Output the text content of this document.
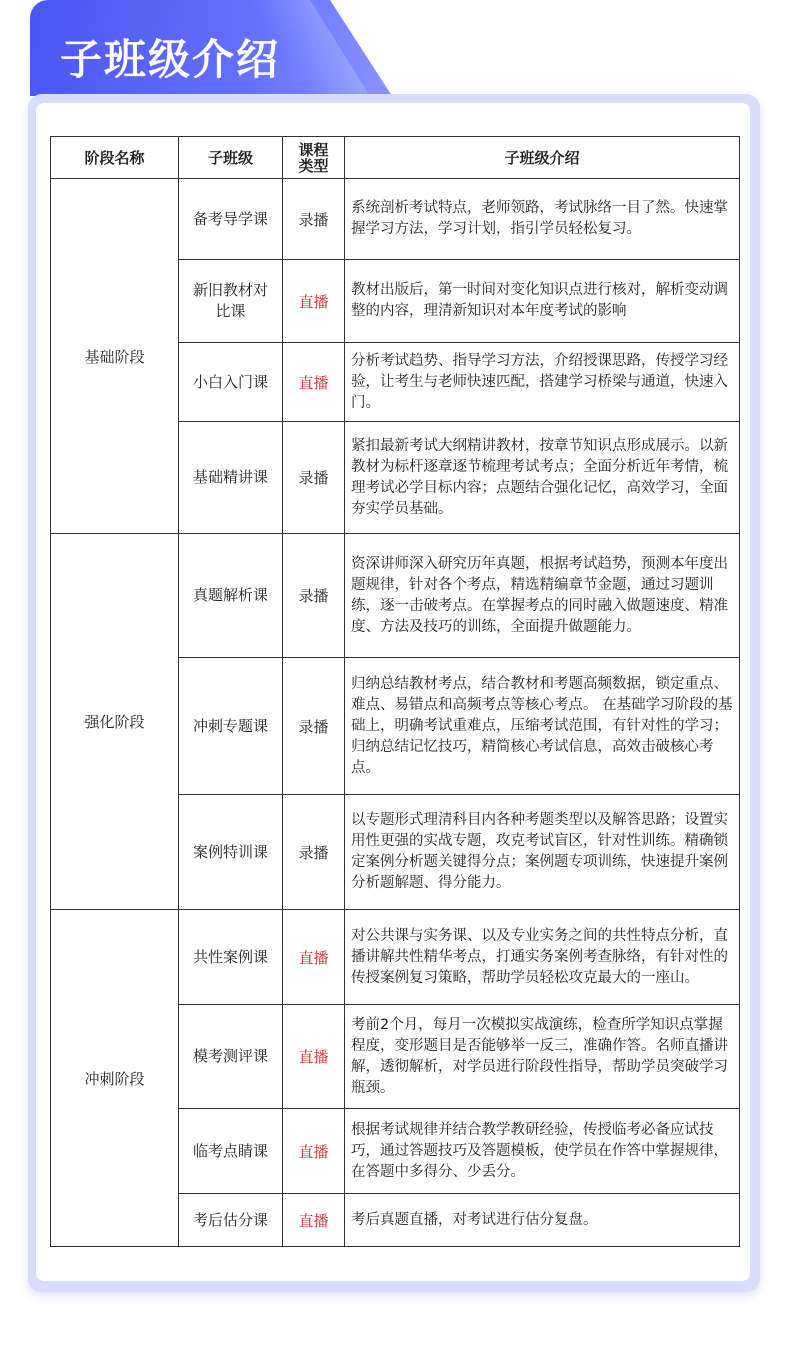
子班级介绍
阶段名称	子班级	课程类型	子班级介绍
基础阶段	备考导学课	录播	系统剖析考试特点，老师领路，考试脉络一目了然。快速掌握学习方法，学习计划，指引学员轻松复习。
	新旧教材对比课	直播	教材出版后，第一时间对变化知识点进行核对，解析变动调整的内容，理清新知识对本年度考试的影响
	小白入门课	直播	分析考试趋势、指导学习方法，介绍授课思路，传授学习经验，让考生与老师快速匹配，搭建学习桥梁与通道，快速入门。
	基础精讲课	录播	紧扣最新考试大纲精讲教材，按章节知识点形成展示。以新教材为标杆逐章逐节梳理考试考点；全面分析近年考情，梳理考试必学目标内容；点题结合强化记忆，高效学习，全面夯实学员基础。
强化阶段	真题解析课	录播	资深讲师深入研究历年真题，根据考试趋势，预测本年度出题规律，针对各个考点，精选精编章节金题，通过习题训练，逐一击破考点。在掌握考点的同时融入做题速度、精准度、方法及技巧的训练，全面提升做题能力。
	冲刺专题课	录播	归纳总结教材考点，结合教材和考题高频数据，锁定重点、难点、易错点和高频考点等核心考点。 在基础学习阶段的基础上，明确考试重难点，压缩考试范围，有针对性的学习；归纳总结记忆技巧，精简核心考试信息，高效击破核心考点。
	案例特训课	录播	以专题形式理清科目内各种考题类型以及解答思路；设置实用性更强的实战专题，攻克考试盲区，针对性训练。精确锁定案例分析题关键得分点；案例题专项训练，快速提升案例分析题解题、得分能力。
冲刺阶段	共性案例课	直播	对公共课与实务课、以及专业实务之间的共性特点分析，直播讲解共性精华考点，打通实务案例考查脉络，有针对性的传授案例复习策略，帮助学员轻松攻克最大的一座山。
	模考测评课	直播	考前2个月，每月一次模拟实战演练，检查所学知识点掌握程度，变形题目是否能够举一反三，准确作答。名师直播讲解，透彻解析，对学员进行阶段性指导，帮助学员突破学习瓶颈。
	临考点睛课	直播	根据考试规律并结合教学教研经验，传授临考必备应试技巧，通过答题技巧及答题模板，使学员在作答中掌握规律，在答题中多得分、少丢分。
	考后估分课	直播	考后真题直播，对考试进行估分复盘。
